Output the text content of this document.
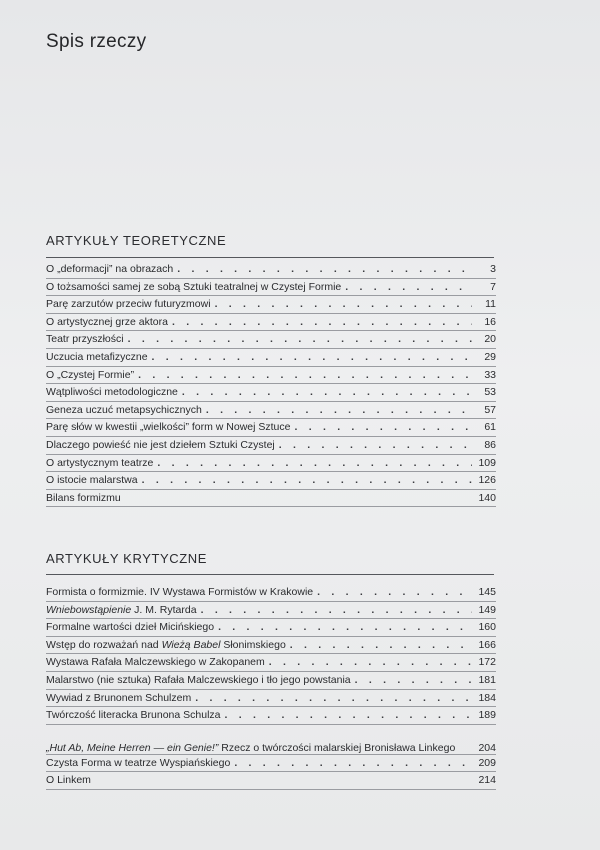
Spis rzeczy
ARTYKUŁY TEORETYCZNE
O „deformacji” na obrazach . . .	3
O tożsamości samej ze sobą Sztuki teatralnej w Czystej Formie . . .	7
Parę zarzutów przeciw futuryzmowi . . .	11
O artystycznej grze aktora . . .	16
Teatr przyszłości . . .	20
Uczucia metafizyczne . . .	29
O „Czystej Formie” . . .	33
Wątpliwości metodologiczne . . .	53
Geneza uczuć metapsychicznych . . .	57
Parę słów w kwestii „wielkości” form w Nowej Sztuce . . .	61
Dlaczego powieść nie jest dziełem Sztuki Czystej . . .	86
O artystycznym teatrze . . .	109
O istocie malarstwa . . .	126
Bilans formizmu	140
ARTYKUŁY KRYTYCZNE
Formista o formizmie. IV Wystawa Formistów w Krakowie . . .	145
Wniebowstąpienie J. M. Rytarda . . .	149
Formalne wartości dzieł Micińskiego . . .	160
Wstęp do rozważań nad Wieżą Babel Słonimskiego . . .	166
Wystawa Rafała Malczewskiego w Zakopanem . . .	172
Malarstwo (nie sztuka) Rafała Malczewskiego i tło jego powstania . . .	181
Wywiad z Brunonem Schulzem . . .	184
Twórczość literacka Brunona Schulza . . .	189
„Hut Ab, Meine Herren — ein Genie!” Rzecz o twórczości malarskiej Bronisława Linkego	204
Czysta Forma w teatrze Wyspiańskiego . . .	209
O Linkem	214
